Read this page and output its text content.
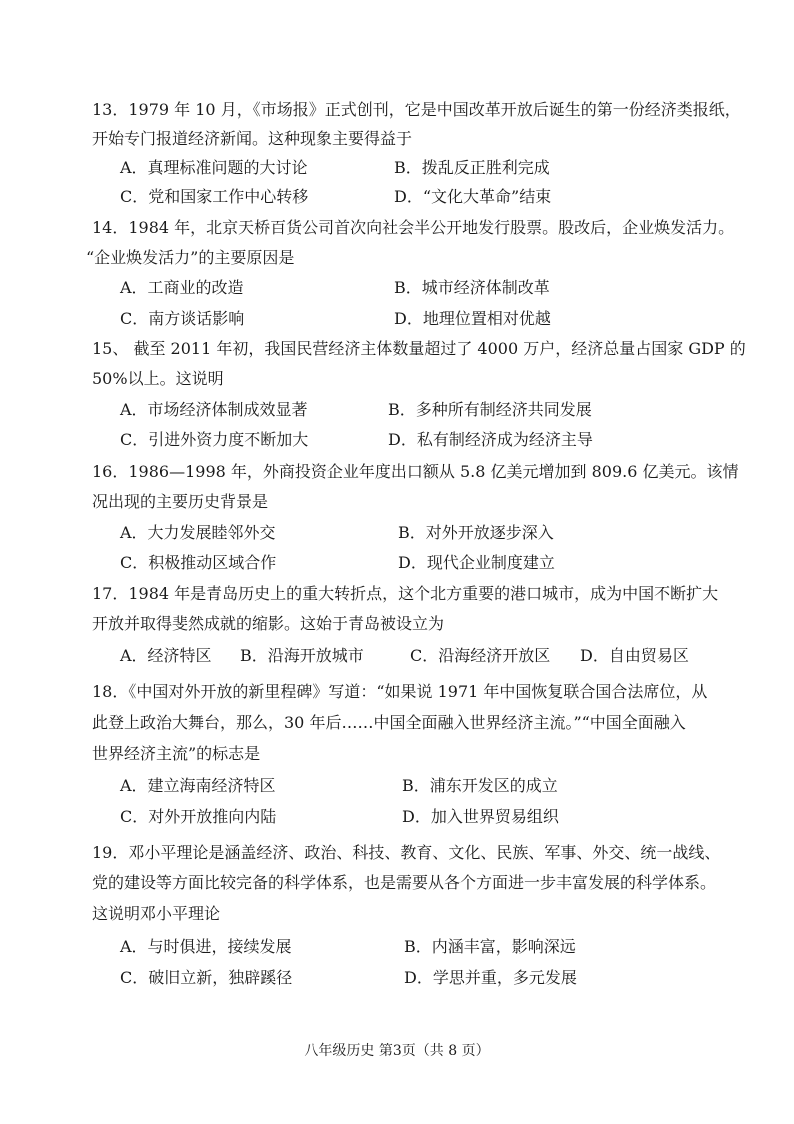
13．1979 年 10 月，《市场报》正式创刊，它是中国改革开放后诞生的第一份经济类报纸，
开始专门报道经济新闻。这种现象主要得益于
A．真理标准问题的大讨论	B．拨乱反正胜利完成
C．党和国家工作中心转移	D．“文化大革命”结束
14．1984 年，北京天桥百货公司首次向社会半公开地发行股票。股改后，企业焕发活力。
“企业焕发活力”的主要原因是
A．工商业的改造	B．城市经济体制改革
C．南方谈话影响	D．地理位置相对优越
15、 截至 2011 年初，我国民营经济主体数量超过了 4000 万户，经济总量占国家 GDP 的
50%以上。这说明
A．市场经济体制成效显著	B．多种所有制经济共同发展
C．引进外资力度不断加大	D．私有制经济成为经济主导
16．1986—1998 年，外商投资企业年度出口额从 5.8 亿美元增加到 809.6 亿美元。该情
况出现的主要历史背景是
A．大力发展睦邻外交	B．对外开放逐步深入
C．积极推动区域合作	D．现代企业制度建立
17．1984 年是青岛历史上的重大转折点，这个北方重要的港口城市，成为中国不断扩大
开放并取得斐然成就的缩影。这始于青岛被设立为
A．经济特区 B．沿海开放城市	C．沿海经济开放区 D．自由贸易区
18．《中国对外开放的新里程碑》写道：“如果说 1971 年中国恢复联合国合法席位，从
此登上政治大舞台，那么，30 年后……中国全面融入世界经济主流。”“中国全面融入
世界经济主流”的标志是
A．建立海南经济特区	B．浦东开发区的成立
C．对外开放推向内陆	D．加入世界贸易组织
19．邓小平理论是涵盖经济、政治、科技、教育、文化、民族、军事、外交、统一战线、
党的建设等方面比较完备的科学体系，也是需要从各个方面进一步丰富发展的科学体系。
这说明邓小平理论
A．与时俱进，接续发展	B．内涵丰富，影响深远
C．破旧立新，独辟蹊径	D．学思并重，多元发展
八年级历史 第3页（共 8 页）
